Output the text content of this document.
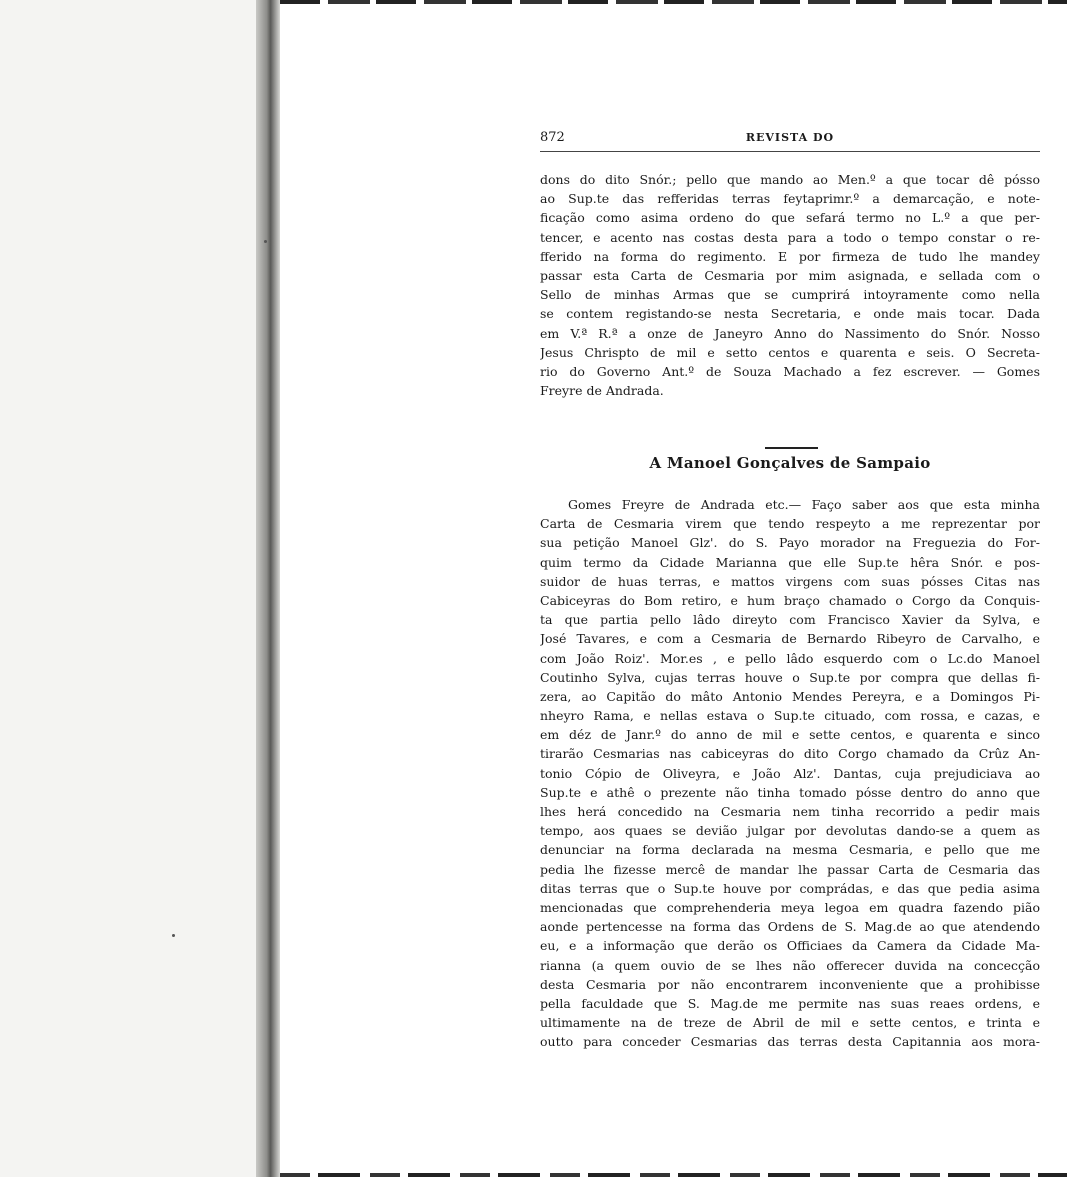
872	REVISTA DO
dons do dito Snór.; pello que mando ao Men.º a que tocar dê pósso
ao Sup.te das refferidas terras feytaprimr.º a demarcação, e note-
ficação como asima ordeno do que sefará termo no L.º a que per-
tencer, e acento nas costas desta para a todo o tempo constar o re-
fferido na forma do regimento. E por firmeza de tudo lhe mandey
passar esta Carta de Cesmaria por mim asignada, e sellada com o
Sello de minhas Armas que se cumprirá intoyramente como nella
se contem registando-se nesta Secretaria, e onde mais tocar. Dada
em V.ª R.ª a onze de Janeyro Anno do Nassimento do Snór. Nosso
Jesus Chrispto de mil e setto centos e quarenta e seis. O Secreta-
rio do Governo Ant.º de Souza Machado a fez escrever. — Gomes
Freyre de Andrada.
A Manoel Gonçalves de Sampaio
Gomes Freyre de Andrada etc.— Faço saber aos que esta minha
Carta de Cesmaria virem que tendo respeyto a me reprezentar por
sua petição Manoel Glz'. do S. Payo morador na Freguezia do For-
quim termo da Cidade Marianna que elle Sup.te hêra Snór. e pos-
suidor de huas terras, e mattos virgens com suas pósses Citas nas
Cabiceyras do Bom retiro, e hum braço chamado o Corgo da Conquis-
ta que partia pello lâdo direyto com Francisco Xavier da Sylva, e
José Tavares, e com a Cesmaria de Bernardo Ribeyro de Carvalho, e
com João Roiz'. Mor.es , e pello lâdo esquerdo com o Lc.do Manoel
Coutinho Sylva, cujas terras houve o Sup.te por compra que dellas fi-
zera, ao Capitão do mâto Antonio Mendes Pereyra, e a Domingos Pi-
nheyro Rama, e nellas estava o Sup.te cituado, com rossa, e cazas, e
em déz de Janr.º do anno de mil e sette centos, e quarenta e sinco
tirarão Cesmarias nas cabiceyras do dito Corgo chamado da Crûz An-
tonio Cópio de Oliveyra, e João Alz'. Dantas, cuja prejudiciava ao
Sup.te e athê o prezente não tinha tomado pósse dentro do anno que
lhes herá concedido na Cesmaria nem tinha recorrido a pedir mais
tempo, aos quaes se devião julgar por devolutas dando-se a quem as
denunciar na forma declarada na mesma Cesmaria, e pello que me
pedia lhe fizesse mercê de mandar lhe passar Carta de Cesmaria das
ditas terras que o Sup.te houve por comprádas, e das que pedia asima
mencionadas que comprehenderia meya legoa em quadra fazendo pião
aonde pertencesse na forma das Ordens de S. Mag.de ao que atendendo
eu, e a informação que derão os Officiaes da Camera da Cidade Ma-
rianna (a quem ouvio de se lhes não offerecer duvida na concecção
desta Cesmaria por não encontrarem inconveniente que a prohibisse
pella faculdade que S. Mag.de me permite nas suas reaes ordens, e
ultimamente na de treze de Abril de mil e sette centos, e trinta e
outto para conceder Cesmarias das terras desta Capitannia aos mora-
